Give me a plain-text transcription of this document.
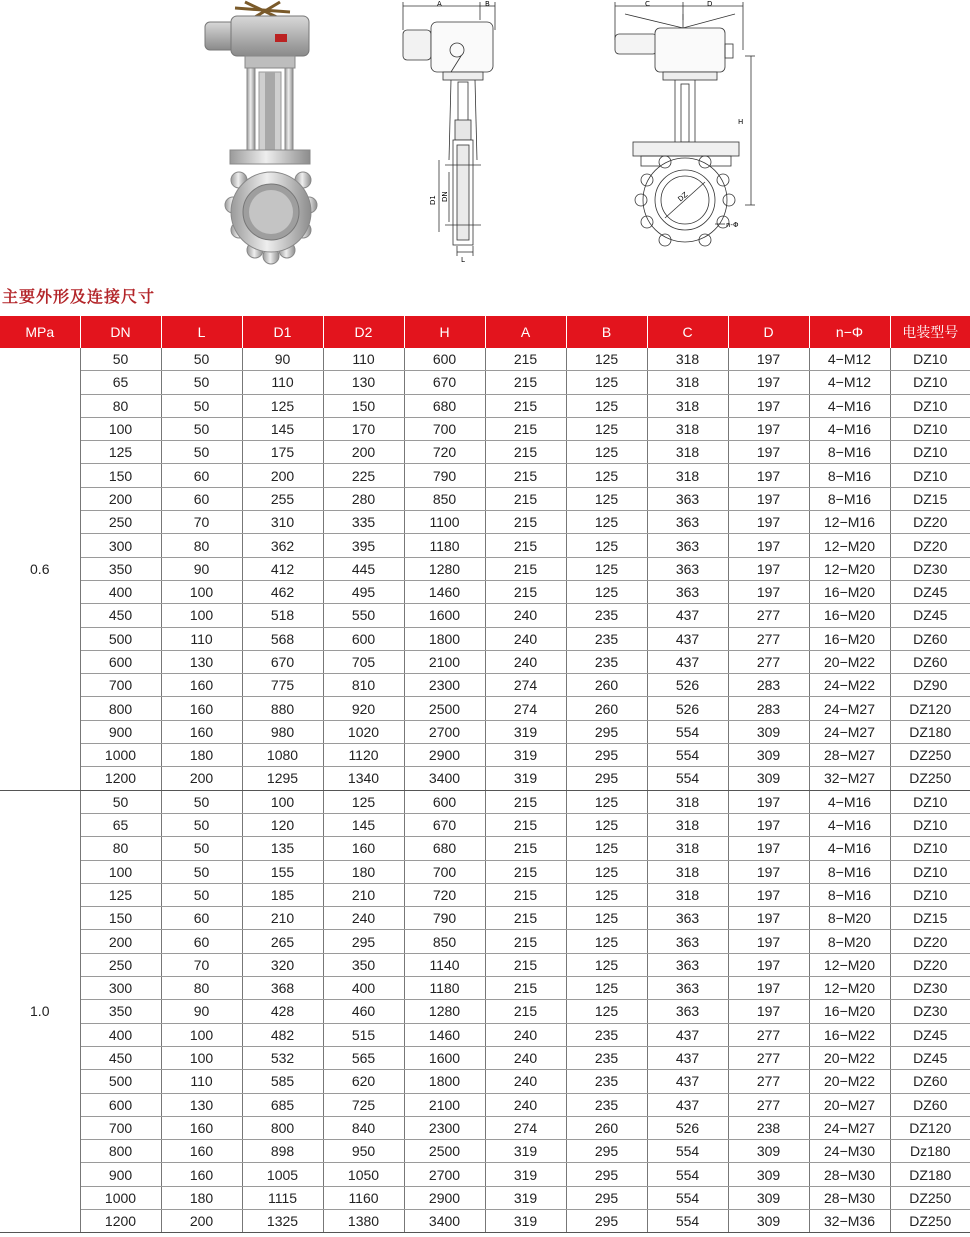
A	B
D1 DN
L
C	D
H
DZ
n-Φ
主要外形及连接尺寸
MPa	DN	L	D1	D2	H	A	B	C	D	n−Φ	电装型号
0.6	50	50	90	110	600	215	125	318	197	4−M12	DZ10
	65	50	110	130	670	215	125	318	197	4−M12	DZ10
	80	50	125	150	680	215	125	318	197	4−M16	DZ10
	100	50	145	170	700	215	125	318	197	4−M16	DZ10
	125	50	175	200	720	215	125	318	197	8−M16	DZ10
	150	60	200	225	790	215	125	318	197	8−M16	DZ10
	200	60	255	280	850	215	125	363	197	8−M16	DZ15
	250	70	310	335	1100	215	125	363	197	12−M16	DZ20
	300	80	362	395	1180	215	125	363	197	12−M20	DZ20
	350	90	412	445	1280	215	125	363	197	12−M20	DZ30
	400	100	462	495	1460	215	125	363	197	16−M20	DZ45
	450	100	518	550	1600	240	235	437	277	16−M20	DZ45
	500	110	568	600	1800	240	235	437	277	16−M20	DZ60
	600	130	670	705	2100	240	235	437	277	20−M22	DZ60
	700	160	775	810	2300	274	260	526	283	24−M22	DZ90
	800	160	880	920	2500	274	260	526	283	24−M27	DZ120
	900	160	980	1020	2700	319	295	554	309	24−M27	DZ180
	1000	180	1080	1120	2900	319	295	554	309	28−M27	DZ250
	1200	200	1295	1340	3400	319	295	554	309	32−M27	DZ250
1.0	50	50	100	125	600	215	125	318	197	4−M16	DZ10
	65	50	120	145	670	215	125	318	197	4−M16	DZ10
	80	50	135	160	680	215	125	318	197	4−M16	DZ10
	100	50	155	180	700	215	125	318	197	8−M16	DZ10
	125	50	185	210	720	215	125	318	197	8−M16	DZ10
	150	60	210	240	790	215	125	363	197	8−M20	DZ15
	200	60	265	295	850	215	125	363	197	8−M20	DZ20
	250	70	320	350	1140	215	125	363	197	12−M20	DZ20
	300	80	368	400	1180	215	125	363	197	12−M20	DZ30
	350	90	428	460	1280	215	125	363	197	16−M20	DZ30
	400	100	482	515	1460	240	235	437	277	16−M22	DZ45
	450	100	532	565	1600	240	235	437	277	20−M22	DZ45
	500	110	585	620	1800	240	235	437	277	20−M22	DZ60
	600	130	685	725	2100	240	235	437	277	20−M27	DZ60
	700	160	800	840	2300	274	260	526	238	24−M27	DZ120
	800	160	898	950	2500	319	295	554	309	24−M30	Dz180
	900	160	1005	1050	2700	319	295	554	309	28−M30	DZ180
	1000	180	1115	1160	2900	319	295	554	309	28−M30	DZ250
	1200	200	1325	1380	3400	319	295	554	309	32−M36	DZ250
